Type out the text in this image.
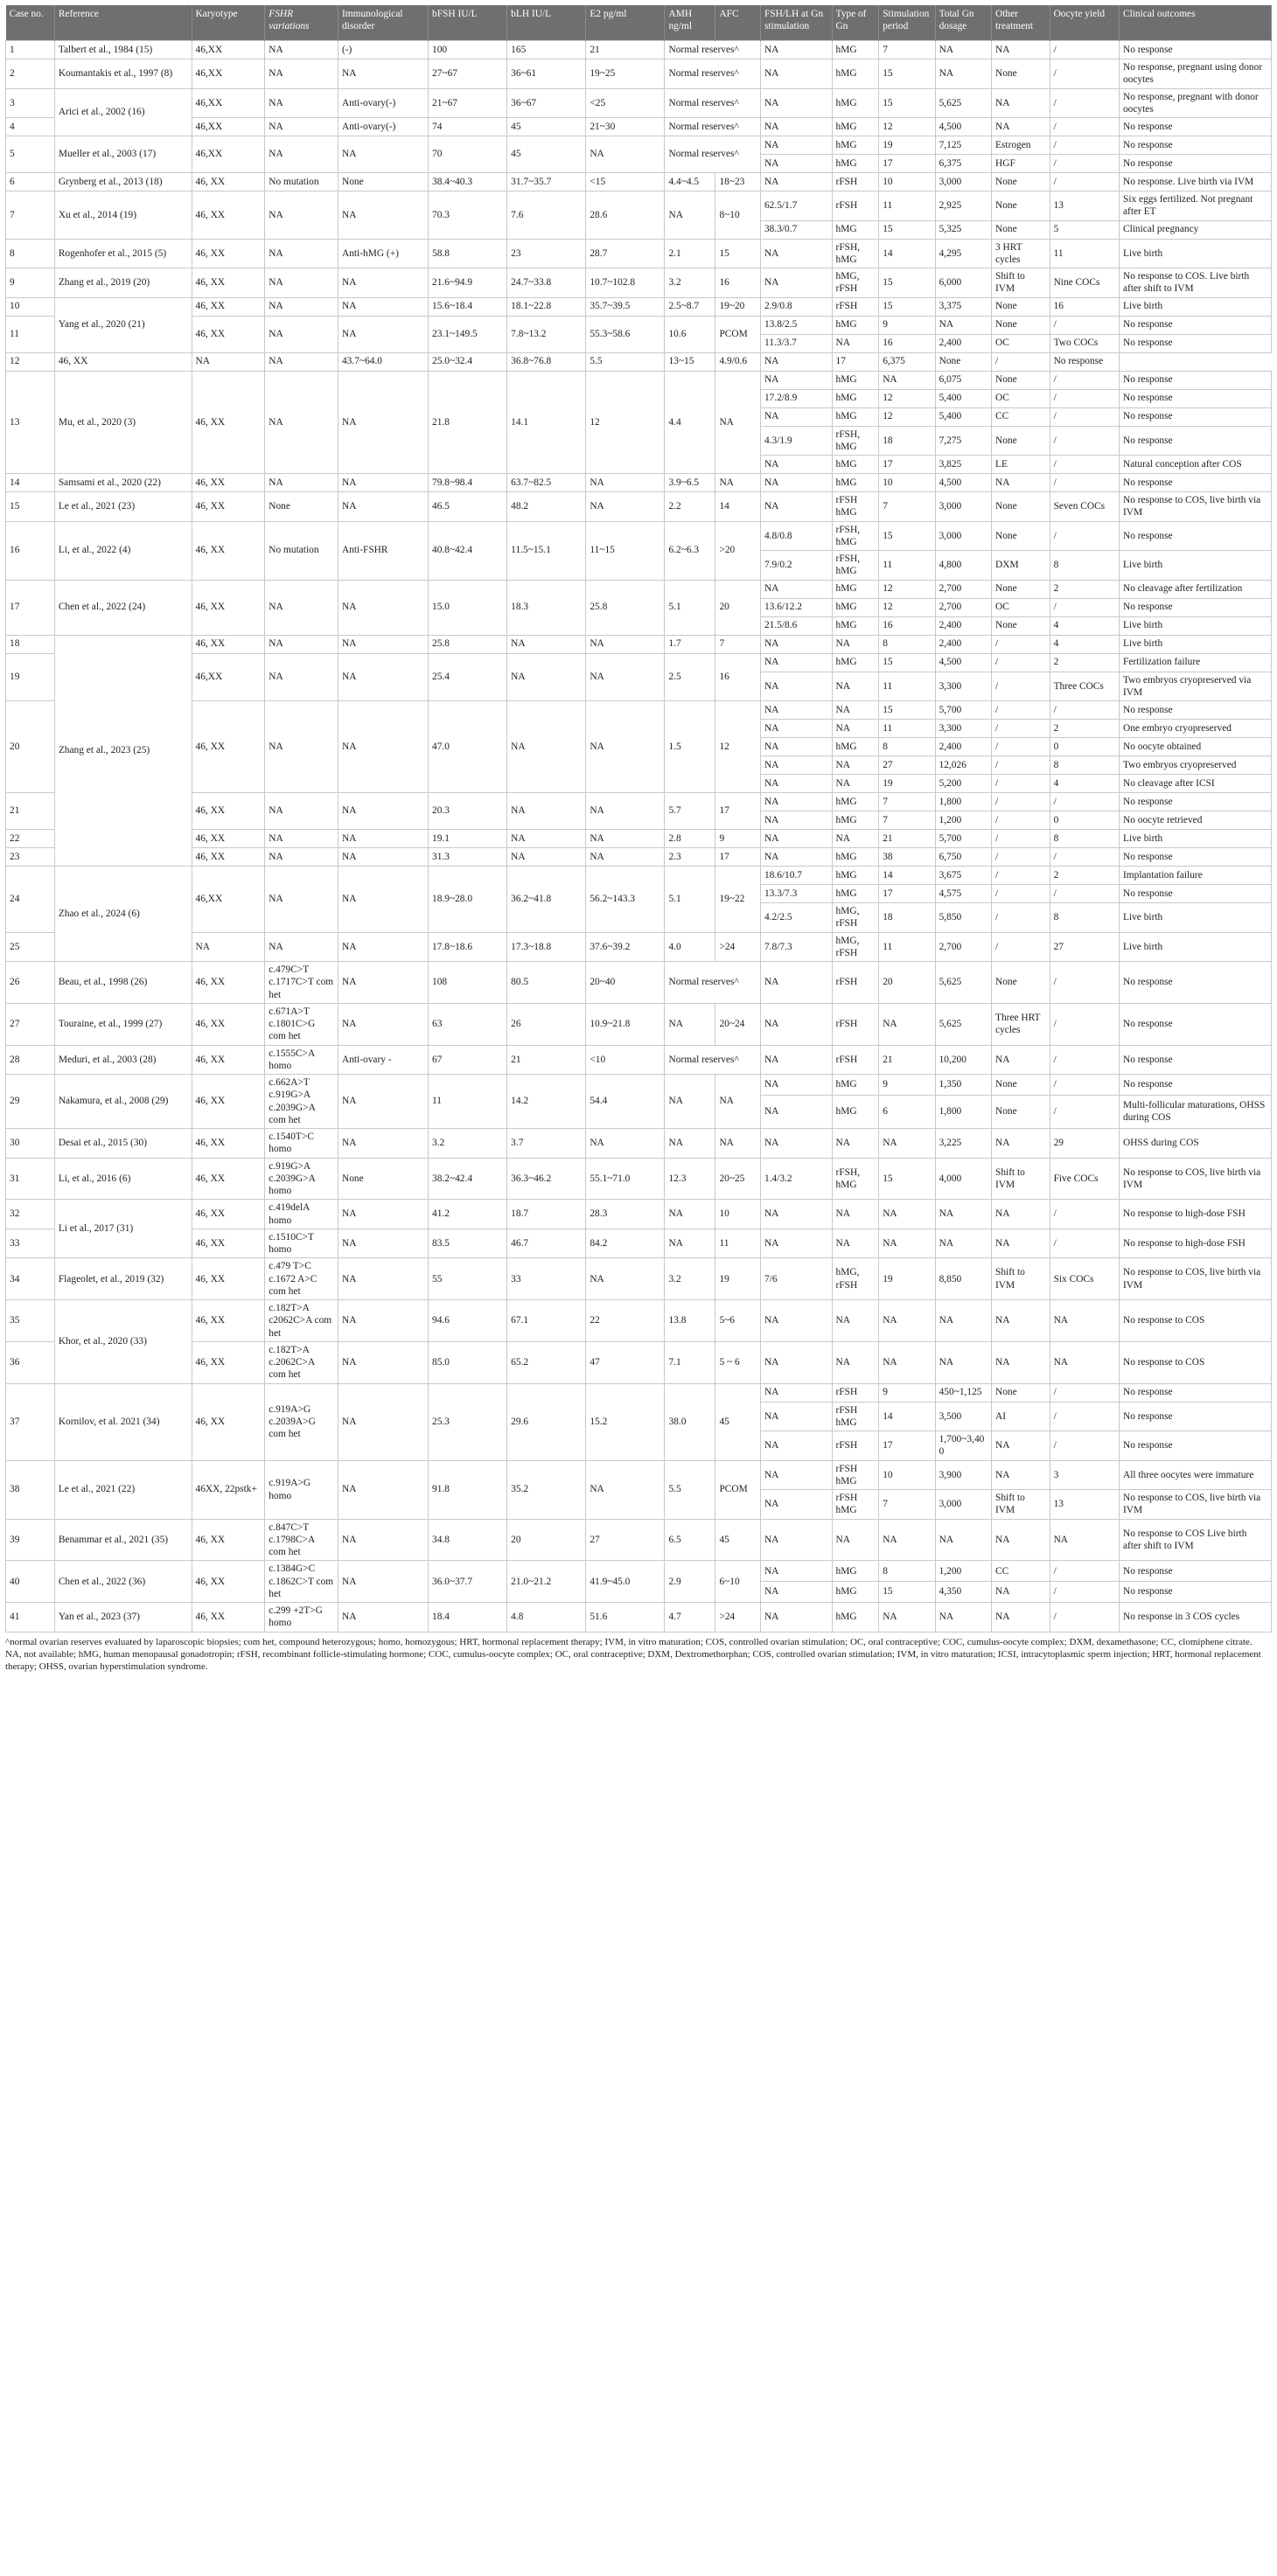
Case no.	Reference	Karyotype	FSHR variations	Immunological disorder	bFSH IU/L	bLH IU/L	E2 pg/ml	AMH ng/ml	AFC	FSH/LH at Gn stimulation	Type of Gn	Stimulation period	Total Gn dosage	Other treatment	Oocyte yield	Clinical outcomes
1	Talbert et al., 1984 (15)	46,XX	NA	(-)	100	165	21	Normal reserves^		NA	hMG	7	NA	NA	/	No response
2	Koumantakis et al., 1997 (8)	46,XX	NA	NA	27~67	36~61	19~25	Normal reserves^		NA	hMG	15	NA	None	/	No response, pregnant using donor oocytes
3	Arici et al., 2002 (16)	46,XX	NA	Anti-ovary(-)	21~67	36~67	<25	Normal reserves^		NA	hMG	15	5,625	NA	/	No response, pregnant with donor oocytes
4		46,XX	NA	Anti-ovary(-)	74	45	21~30	Normal reserves^		NA	hMG	12	4,500	NA	/	No response
5	Mueller et al., 2003 (17)	46,XX	NA	NA	70	45	NA	Normal reserves^		NA	hMG	19	7,125	Estrogen	/	No response
										NA	hMG	17	6,375	HGF	/	No response
6	Grynberg et al., 2013 (18)	46, XX	No mutation	None	38.4~40.3	31.7~35.7	<15	4.4~4.5	18~23	NA	rFSH	10	3,000	None	/	No response. Live birth via IVM
7	Xu et al., 2014 (19)	46, XX	NA	NA	70.3	7.6	28.6	NA	8~10	62.5/1.7	rFSH	11	2,925	None	13	Six eggs fertilized. Not pregnant after ET
										38.3/0.7	hMG	15	5,325	None	5	Clinical pregnancy
8	Rogenhofer et al., 2015 (5)	46, XX	NA	Anti-hMG (+)	58.8	23	28.7	2.1	15	NA	rFSH, hMG	14	4,295	3 HRT cycles	11	Live birth
9	Zhang et al., 2019 (20)	46, XX	NA	NA	21.6~94.9	24.7~33.8	10.7~102.8	3.2	16	NA	hMG, rFSH	15	6,000	Shift to IVM	Nine COCs	No response to COS. Live birth after shift to IVM
10	Yang et al., 2020 (21)	46, XX	NA	NA	15.6~18.4	18.1~22.8	35.7~39.5	2.5~8.7	19~20	2.9/0.8	rFSH	15	3,375	None	16	Live birth
11		46, XX	NA	NA	23.1~149.5	7.8~13.2	55.3~58.6	10.6	PCOM	13.8/2.5	hMG	9	NA	None	/	No response
										11.3/3.7	NA	16	2,400	OC	Two COCs	No response
12	46, XX	NA	NA	43.7~64.0	25.0~32.4	36.8~76.8	5.5	13~15	4.9/0.6	NA	17	6,375	None	/	No response	
13	Mu, et al., 2020 (3)	46, XX	NA	NA	21.8	14.1	12	4.4	NA	NA	hMG	NA	6,075	None	/	No response
										17.2/8.9	hMG	12	5,400	OC	/	No response
										NA	hMG	12	5,400	CC	/	No response
										4.3/1.9	rFSH, hMG	18	7,275	None	/	No response
										NA	hMG	17	3,825	LE	/	Natural conception after COS
14	Samsami et al., 2020 (22)	46, XX	NA	NA	79.8~98.4	63.7~82.5	NA	3.9~6.5	NA	NA	hMG	10	4,500	NA	/	No response
15	Le et al., 2021 (23)	46, XX	None	NA	46.5	48.2	NA	2.2	14	NA	rFSH hMG	7	3,000	None	Seven COCs	No response to COS, live birth via IVM
16	Li, et al., 2022 (4)	46, XX	No mutation	Anti-FSHR	40.8~42.4	11.5~15.1	11~15	6.2~6.3	>20	4.8/0.8	rFSH, hMG	15	3,000	None	/	No response
										7.9/0.2	rFSH, hMG	11	4,800	DXM	8	Live birth
17	Chen et al., 2022 (24)	46, XX	NA	NA	15.0	18.3	25.8	5.1	20	NA	hMG	12	2,700	None	2	No cleavage after fertilization
										13.6/12.2	hMG	12	2,700	OC	/	No response
										21.5/8.6	hMG	16	2,400	None	4	Live birth
18	Zhang et al., 2023 (25)	46, XX	NA	NA	25.8	NA	NA	1.7	7	NA	NA	8	2,400	/	4	Live birth
19		46,XX	NA	NA	25.4	NA	NA	2.5	16	NA	hMG	15	4,500	/	2	Fertilization failure
										NA	NA	11	3,300	/	Three COCs	Two embryos cryopreserved via IVM
20		46, XX	NA	NA	47.0	NA	NA	1.5	12	NA	NA	15	5,700	/	/	No response
										NA	NA	11	3,300	/	2	One embryo cryopreserved
										NA	hMG	8	2,400	/	0	No oocyte obtained
										NA	NA	27	12,026	/	8	Two embryos cryopreserved
										NA	NA	19	5,200	/	4	No cleavage after ICSI
21		46, XX	NA	NA	20.3	NA	NA	5.7	17	NA	hMG	7	1,800	/	/	No response
										NA	hMG	7	1,200	/	0	No oocyte retrieved
22		46, XX	NA	NA	19.1	NA	NA	2.8	9	NA	NA	21	5,700	/	8	Live birth
23		46, XX	NA	NA	31.3	NA	NA	2.3	17	NA	hMG	38	6,750	/	/	No response
24	Zhao et al., 2024 (6)	46,XX	NA	NA	18.9~28.0	36.2~41.8	56.2~143.3	5.1	19~22	18.6/10.7	hMG	14	3,675	/	2	Implantation failure
										13.3/7.3	hMG	17	4,575	/	/	No response
										4.2/2.5	hMG, rFSH	18	5,850	/	8	Live birth
25		NA	NA	NA	17.8~18.6	17.3~18.8	37.6~39.2	4.0	>24	7.8/7.3	hMG, rFSH	11	2,700	/	27	Live birth
26	Beau, et al., 1998 (26)	46, XX	c.479C>T c.1717C>T com het	NA	108	80.5	20~40	Normal reserves^		NA	rFSH	20	5,625	None	/	No response
27	Touraine, et al., 1999 (27)	46, XX	c.671A>T c.1801C>G com het	NA	63	26	10.9~21.8	NA	20~24	NA	rFSH	NA	5,625	Three HRT cycles	/	No response
28	Meduri, et al., 2003 (28)	46, XX	c.1555C>A homo	Anti-ovary -	67	21	<10	Normal reserves^		NA	rFSH	21	10,200	NA	/	No response
29	Nakamura, et al., 2008 (29)	46, XX	c.662A>T c.919G>A c.2039G>A com het	NA	11	14.2	54.4	NA	NA	NA	hMG	9	1,350	None	/	No response
										NA	hMG	6	1,800	None	/	Multi-follicular maturations, OHSS during COS
30	Desai et al., 2015 (30)	46, XX	c.1540T>C homo	NA	3.2	3.7	NA	NA	NA	NA	NA	NA	3,225	NA	29	OHSS during COS
31	Li, et al., 2016 (6)	46, XX	c.919G>A c.2039G>A homo	None	38.2~42.4	36.3~46.2	55.1~71.0	12.3	20~25	1.4/3.2	rFSH, hMG	15	4,000	Shift to IVM	Five COCs	No response to COS, live birth via IVM
32	Li et al., 2017 (31)	46, XX	c.419delA homo	NA	41.2	18.7	28.3	NA	10	NA	NA	NA	NA	NA	/	No response to high-dose FSH
33		46, XX	c.1510C>T homo	NA	83.5	46.7	84.2	NA	11	NA	NA	NA	NA	NA	/	No response to high-dose FSH
34	Flageolet, et al., 2019 (32)	46, XX	c.479 T>C c.1672 A>C com het	NA	55	33	NA	3.2	19	7/6	hMG, rFSH	19	8,850	Shift to IVM	Six COCs	No response to COS, live birth via IVM
35	Khor, et al., 2020 (33)	46, XX	c.182T>A c2062C>A com het	NA	94.6	67.1	22	13.8	5~6	NA	NA	NA	NA	NA	NA	No response to COS
36		46, XX	c.182T>A c.2062C>A com het	NA	85.0	65.2	47	7.1	5 ~ 6	NA	NA	NA	NA	NA	NA	No response to COS
37	Kornilov, et al. 2021 (34)	46, XX	c.919A>G c.2039A>G com het	NA	25.3	29.6	15.2	38.0	45	NA	rFSH	9	450~1,125	None	/	No response
										NA	rFSH hMG	14	3,500	AI	/	No response
										NA	rFSH	17	1,700~3,400	NA	/	No response
38	Le et al., 2021 (22)	46XX, 22pstk+	c.919A>G homo	NA	91.8	35.2	NA	5.5	PCOM	NA	rFSH hMG	10	3,900	NA	3	All three oocytes were immature
										NA	rFSH hMG	7	3,000	Shift to IVM	13	No response to COS, live birth via IVM
39	Benammar et al., 2021 (35)	46, XX	c.847C>T c.1798C>A com het	NA	34.8	20	27	6.5	45	NA	NA	NA	NA	NA	NA	No response to COS Live birth after shift to IVM
40	Chen et al., 2022 (36)	46, XX	c.1384G>C c.1862C>T com het	NA	36.0~37.7	21.0~21.2	41.9~45.0	2.9	6~10	NA	hMG	8	1,200	CC	/	No response
										NA	hMG	15	4,350	NA	/	No response
41	Yan et al., 2023 (37)	46, XX	c.299 +2T>G homo	NA	18.4	4.8	51.6	4.7	>24	NA	hMG	NA	NA	NA	/	No response in 3 COS cycles
^normal ovarian reserves evaluated by laparoscopic biopsies; com het, compound heterozygous; homo, homozygous; HRT, hormonal replacement therapy; IVM, in vitro maturation; COS, controlled ovarian stimulation; OC, oral contraceptive; COC, cumulus-oocyte complex; DXM, dexamethasone; CC, clomiphene citrate.
NA, not available; hMG, human menopausal gonadotropin; rFSH, recombinant follicle-stimulating hormone; COC, cumulus-oocyte complex; OC, oral contraceptive; DXM, Dextromethorphan; COS, controlled ovarian stimulation; IVM, in vitro maturation; ICSI, intracytoplasmic sperm injection; HRT, hormonal replacement therapy; OHSS, ovarian hyperstimulation syndrome.
